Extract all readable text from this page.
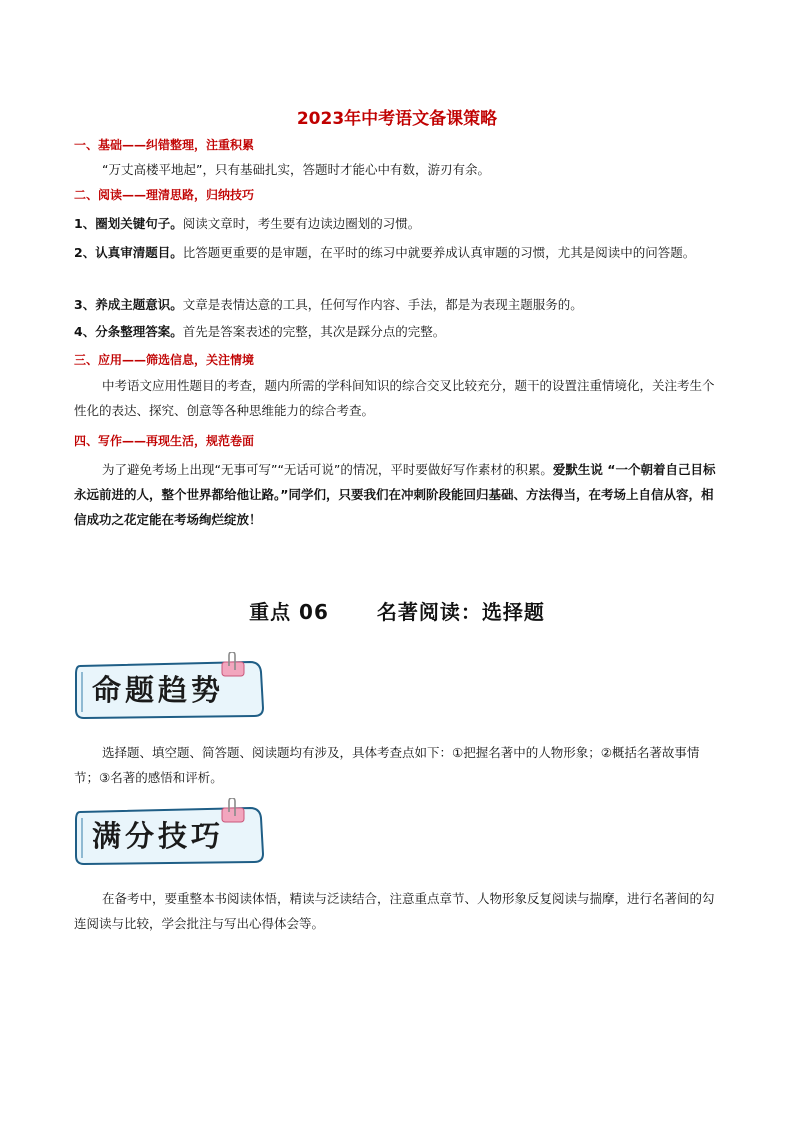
2023年中考语文备课策略
一、基础——纠错整理，注重积累
“万丈高楼平地起”，只有基础扎实，答题时才能心中有数，游刃有余。
二、阅读——理清思路，归纳技巧
1、圈划关键句子。阅读文章时，考生要有边读边圈划的习惯。
2、认真审清题目。比答题更重要的是审题，在平时的练习中就要养成认真审题的习惯，尤其是阅读中的问答题。
3、养成主题意识。文章是表情达意的工具，任何写作内容、手法，都是为表现主题服务的。
4、分条整理答案。首先是答案表述的完整，其次是踩分点的完整。
三、应用——筛选信息，关注情境
中考语文应用性题目的考查，题内所需的学科间知识的综合交叉比较充分，题干的设置注重情境化，关注考生个性化的表达、探究、创意等各种思维能力的综合考查。
四、写作——再现生活，规范卷面
为了避免考场上出现“无事可写”“无话可说”的情况，平时要做好写作素材的积累。爱默生说 “一个朝着自己目标永远前进的人，整个世界都给他让路。”同学们，只要我们在冲刺阶段能回归基础、方法得当，在考场上自信从容，相信成功之花定能在考场绚烂绽放！
重点 06 名著阅读：选择题
命题趋势
选择题、填空题、简答题、阅读题均有涉及，具体考查点如下：①把握名著中的人物形象；②概括名著故事情节；③名著的感悟和评析。
满分技巧
在备考中，要重整本书阅读体悟，精读与泛读结合，注意重点章节、人物形象反复阅读与揣摩，进行名著间的勾连阅读与比较，学会批注与写出心得体会等。
